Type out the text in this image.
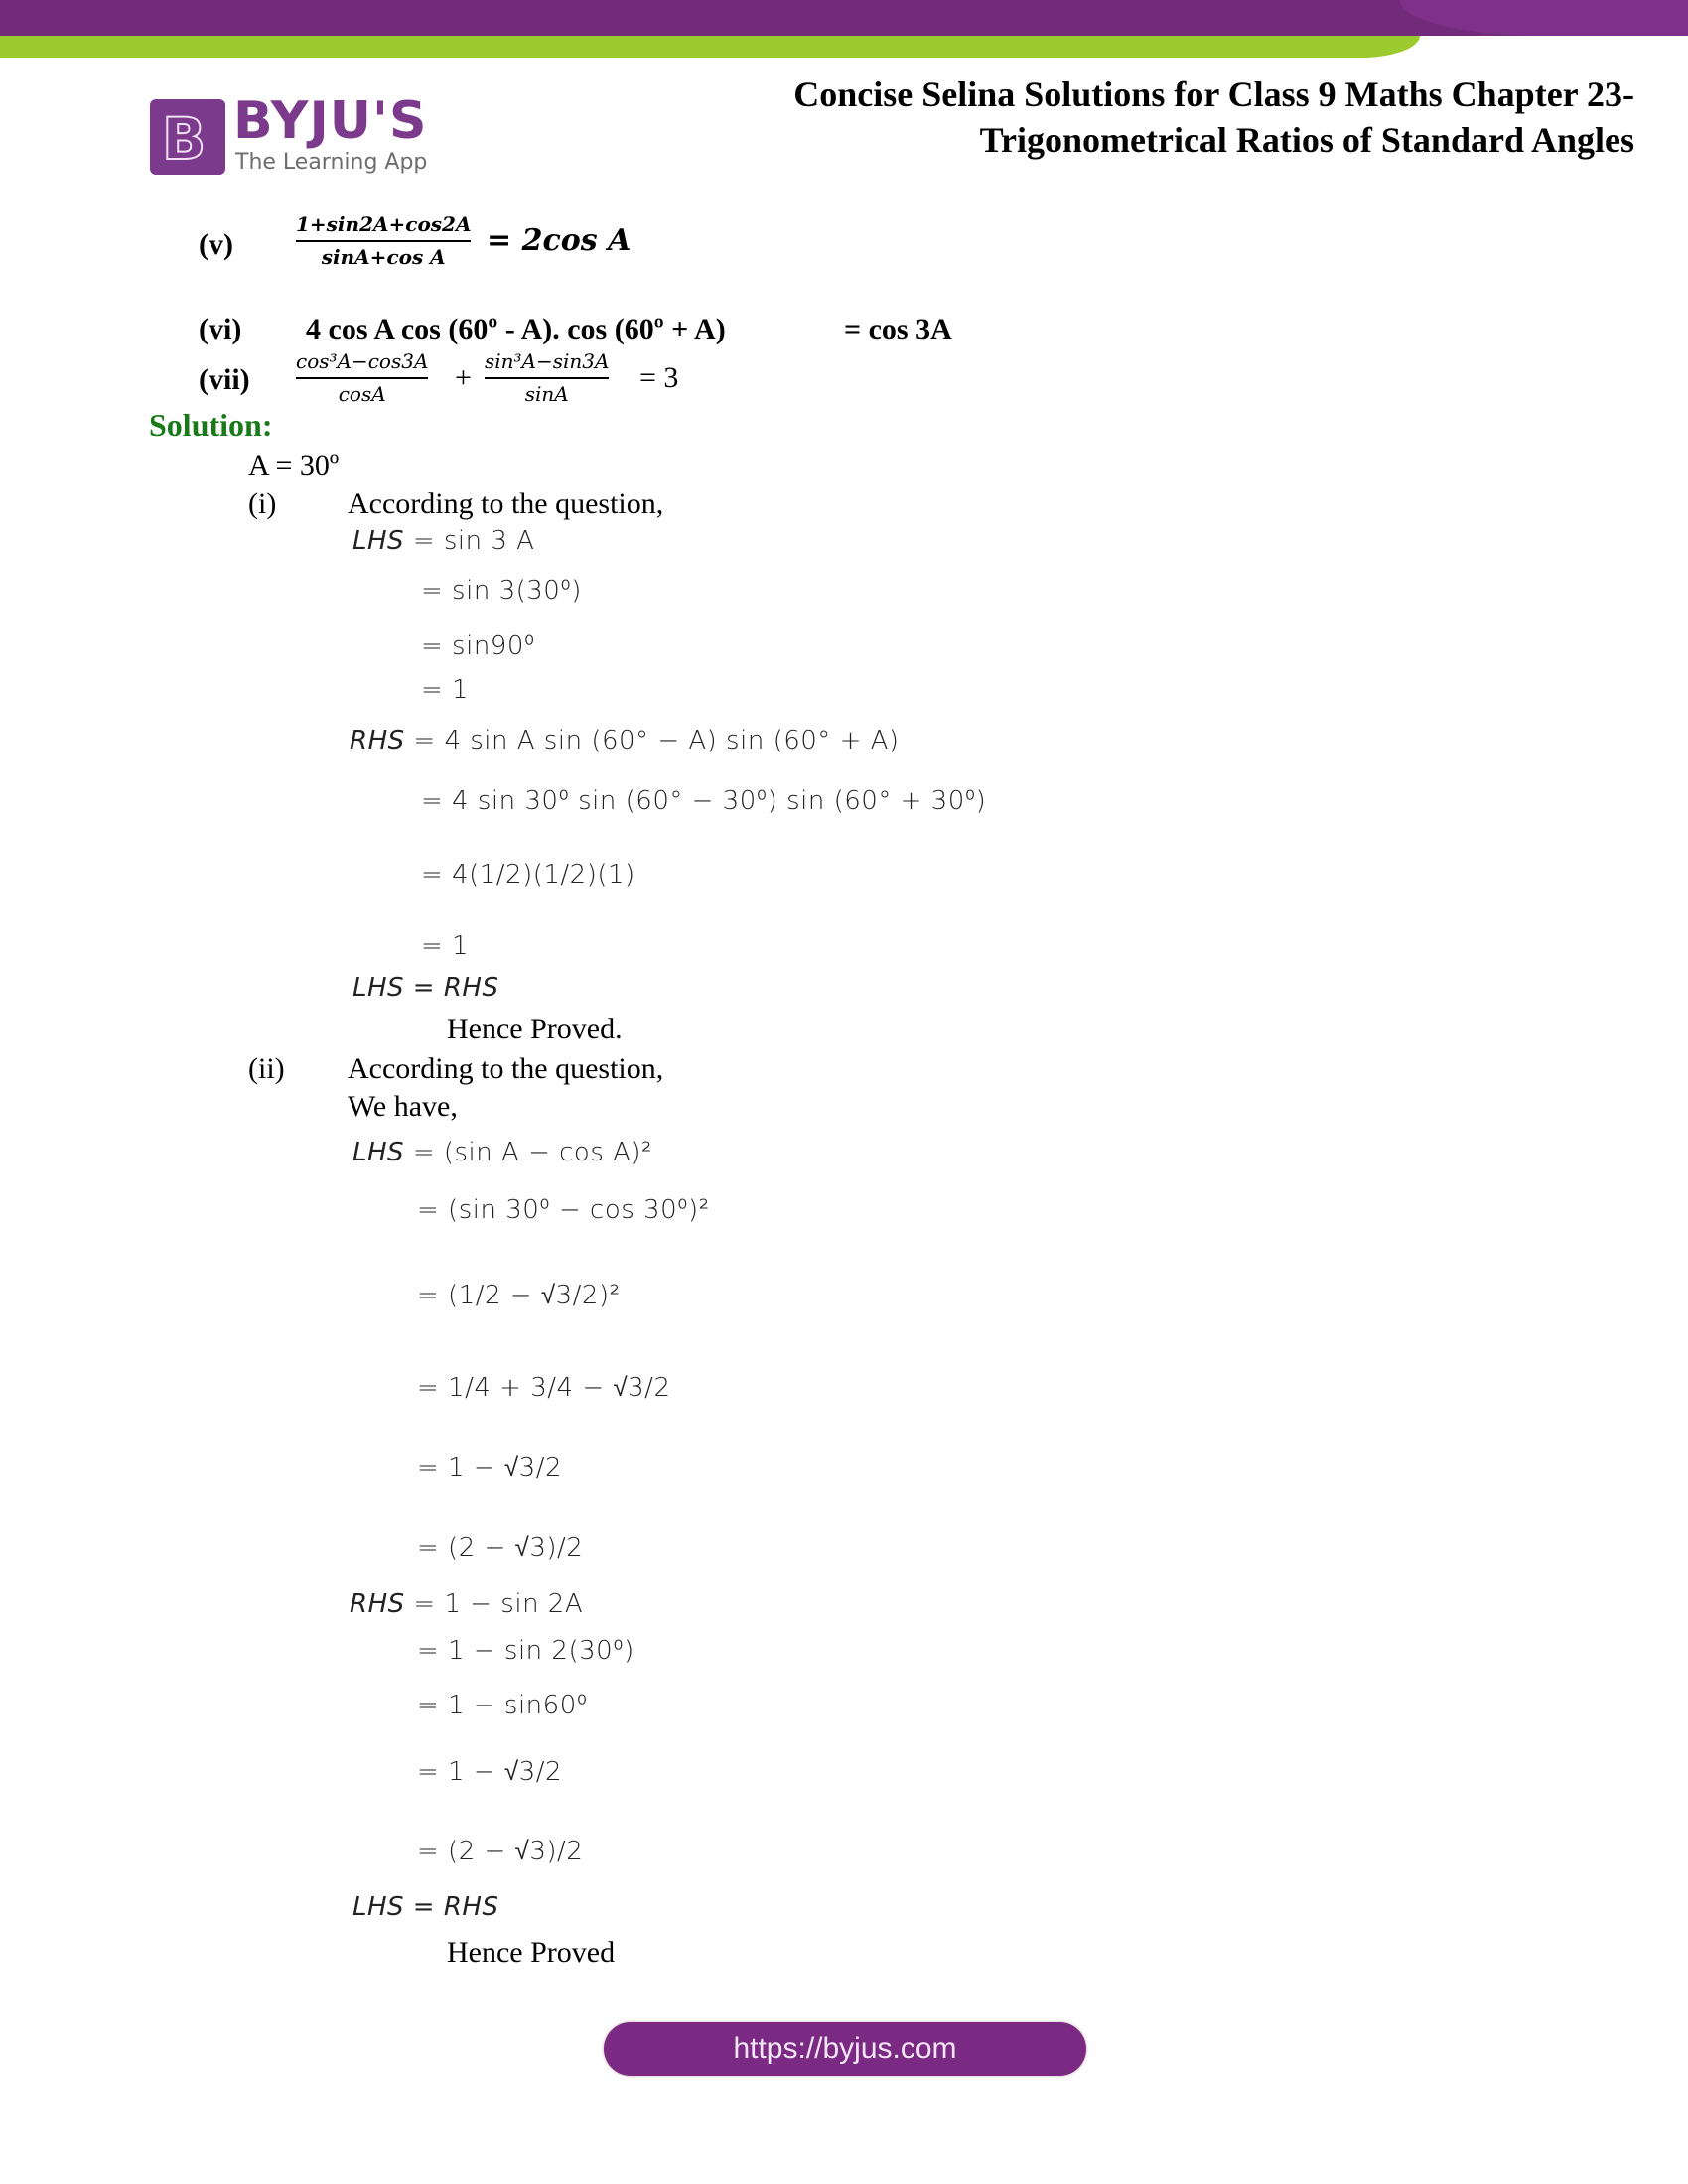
B BYJU'S
The Learning App
Concise Selina Solutions for Class 9 Maths Chapter 23-
Trigonometrical Ratios of Standard Angles
(v)
1+sin2A+cos2A
sinA+cos A = 2cos A
(vi) 4 cos A cos (60º - A). cos (60º + A)	= cos 3A
(vii)
cos³A−cos3A
cosA + sin³A−sin3A
sinA = 3
Solution:
A = 30º
(i) According to the question,
LHS = sin 3 A
= sin 3(30⁰)
= sin90⁰
= 1
RHS = 4 sin A sin (60° − A) sin (60° + A)
= 4 sin 30⁰ sin (60° − 30⁰) sin (60° + 30⁰)
= 4(1/2)(1/2)(1)
= 1
LHS = RHS
Hence Proved.
(ii) According to the question,
We have,
LHS = (sin A − cos A)²
= (sin 30⁰ − cos 30⁰)²
= (1/2 − √3/2)²
= 1/4 + 3/4 − √3/2
= 1 − √3/2
= (2 − √3)/2
RHS = 1 − sin 2A
= 1 − sin 2(30⁰)
= 1 − sin60⁰
= 1 − √3/2
= (2 − √3)/2
LHS = RHS
Hence Proved
https://byjus.com
